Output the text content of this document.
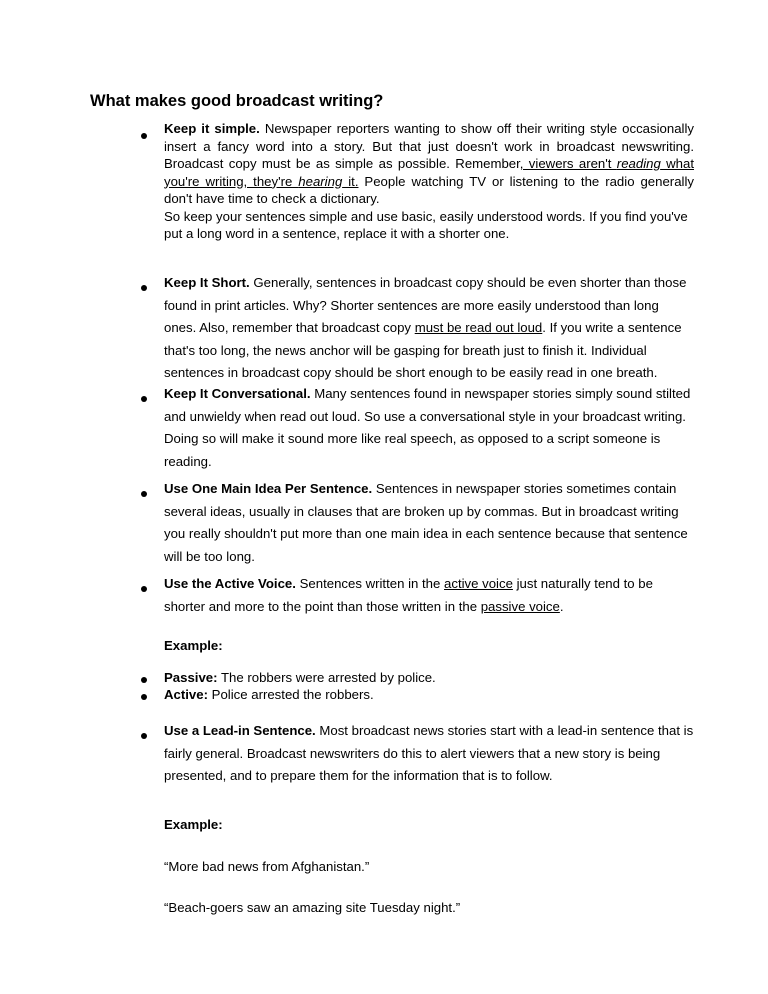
What makes good broadcast writing?
Keep it simple. Newspaper reporters wanting to show off their writing style occasionally insert a fancy word into a story. But that just doesn't work in broadcast newswriting. Broadcast copy must be as simple as possible. Remember, viewers aren't reading what you're writing, they're hearing it. People watching TV or listening to the radio generally don't have time to check a dictionary.
So keep your sentences simple and use basic, easily understood words. If you find you've put a long word in a sentence, replace it with a shorter one.
Keep It Short. Generally, sentences in broadcast copy should be even shorter than those found in print articles. Why? Shorter sentences are more easily understood than long ones. Also, remember that broadcast copy must be read out loud. If you write a sentence that's too long, the news anchor will be gasping for breath just to finish it. Individual sentences in broadcast copy should be short enough to be easily read in one breath.
Keep It Conversational. Many sentences found in newspaper stories simply sound stilted and unwieldy when read out loud. So use a conversational style in your broadcast writing. Doing so will make it sound more like real speech, as opposed to a script someone is reading.
Use One Main Idea Per Sentence. Sentences in newspaper stories sometimes contain several ideas, usually in clauses that are broken up by commas. But in broadcast writing you really shouldn't put more than one main idea in each sentence because that sentence will be too long.
Use the Active Voice. Sentences written in the active voice just naturally tend to be shorter and more to the point than those written in the passive voice.
Example:
Passive: The robbers were arrested by police.
Active: Police arrested the robbers.
Use a Lead-in Sentence. Most broadcast news stories start with a lead-in sentence that is fairly general. Broadcast newswriters do this to alert viewers that a new story is being presented, and to prepare them for the information that is to follow.
Example:
“More bad news from Afghanistan.”
“Beach-goers saw an amazing site Tuesday night.”
